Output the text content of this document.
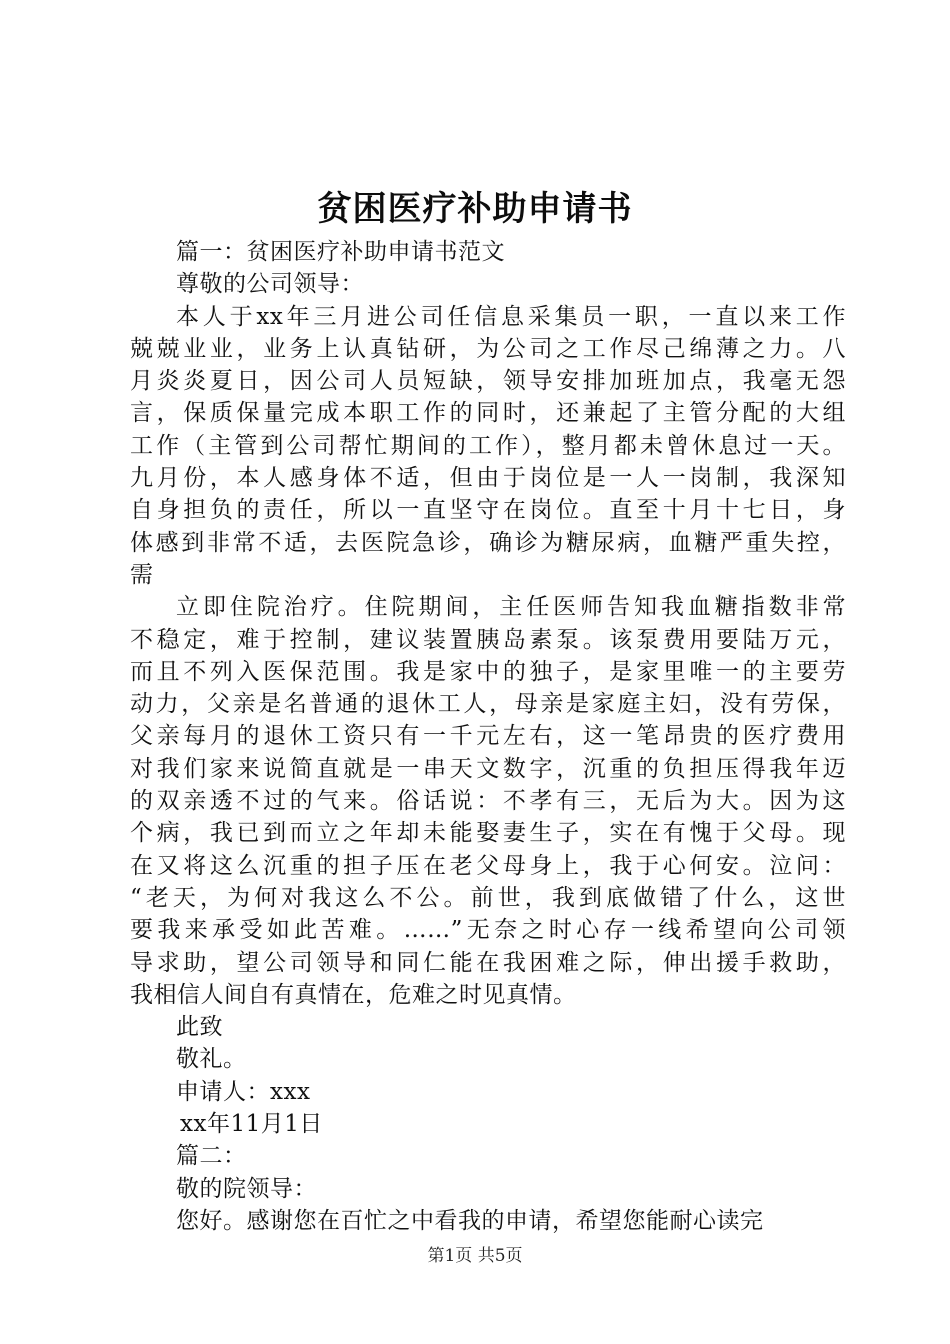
贫困医疗补助申请书
篇一：贫困医疗补助申请书范文
尊敬的公司领导：
本人于xx年三月进公司任信息采集员一职，一直以来工作
兢兢业业，业务上认真钻研，为公司之工作尽己绵薄之力。八
月炎炎夏日，因公司人员短缺，领导安排加班加点，我毫无怨
言，保质保量完成本职工作的同时，还兼起了主管分配的大组
工作（主管到公司帮忙期间的工作），整月都未曾休息过一天。
九月份，本人感身体不适，但由于岗位是一人一岗制，我深知
自身担负的责任，所以一直坚守在岗位。直至十月十七日，身
体感到非常不适，去医院急诊，确诊为糖尿病，血糖严重失控，
需
立即住院治疗。住院期间，主任医师告知我血糖指数非常
不稳定，难于控制，建议装置胰岛素泵。该泵费用要陆万元，
而且不列入医保范围。我是家中的独子，是家里唯一的主要劳
动力，父亲是名普通的退休工人，母亲是家庭主妇，没有劳保，
父亲每月的退休工资只有一千元左右，这一笔昂贵的医疗费用
对我们家来说简直就是一串天文数字，沉重的负担压得我年迈
的双亲透不过的气来。俗话说：不孝有三，无后为大。因为这
个病，我已到而立之年却未能娶妻生子，实在有愧于父母。现
在又将这么沉重的担子压在老父母身上，我于心何安。泣问：
“老天，为何对我这么不公。前世，我到底做错了什么，这世
要我来承受如此苦难。……”无奈之时心存一线希望向公司领
导求助，望公司领导和同仁能在我困难之际，伸出援手救助，
我相信人间自有真情在，危难之时见真情。
此致
敬礼。
申请人：xxx
xx年11月1日
篇二：
敬的院领导：
您好。感谢您在百忙之中看我的申请，希望您能耐心读完
第1页 共5页
